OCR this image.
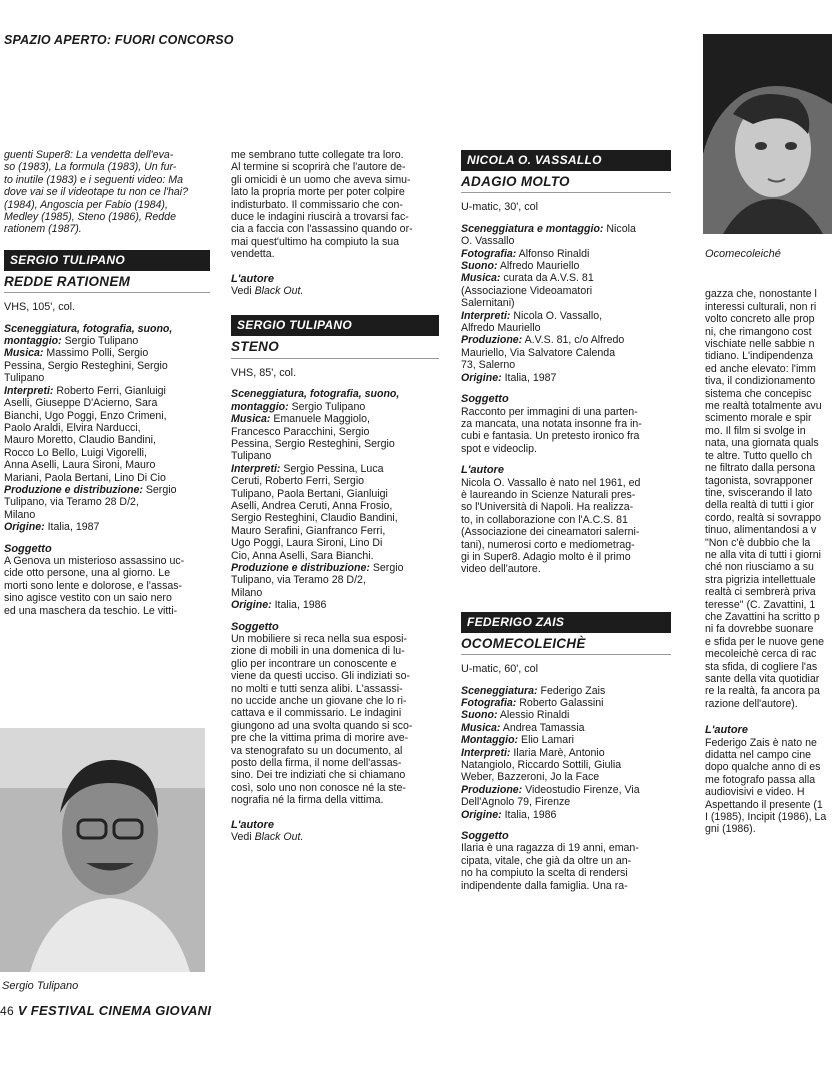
SPAZIO APERTO: FUORI CONCORSO

guenti Super8: La vendetta dell'eva-
so (1983), La formula (1983), Un fur-
to inutile (1983) e i seguenti video: Ma
dove vai se il videotape tu non ce l'hai?
(1984), Angoscia per Fabio (1984),
Medley (1985), Steno (1986), Redde
rationem (1987).

SERGIO TULIPANO
REDDE RATIONEM
VHS, 105', col.

Sceneggiatura, fotografia, suono,
montaggio: Sergio Tulipano
Musica: Massimo Polli, Sergio
Pessina, Sergio Resteghini, Sergio
Tulipano
Interpreti: Roberto Ferri, Gianluigi
Aselli, Giuseppe D'Acierno, Sara
Bianchi, Ugo Poggi, Enzo Crimeni,
Paolo Araldi, Elvira Narducci,
Mauro Moretto, Claudio Bandini,
Rocco Lo Bello, Luigi Vigorelli,
Anna Aselli, Laura Sironi, Mauro
Mariani, Paola Bertani, Lino Di Cio
Produzione e distribuzione: Sergio
Tulipano, via Teramo 28 D/2,
Milano
Origine: Italia, 1987

Soggetto

A Genova un misterioso assassino uc-
cide otto persone, una al giorno. Le
morti sono lente e dolorose, e l'assas-
sino agisce vestito con un saio nero
ed una maschera da teschio. Le vitti-

Sergio Tulipano

me sembrano tutte collegate tra loro.
Al termine si scoprirà che l'autore de-
gli omicidi è un uomo che aveva simu-
lato la propria morte per poter colpire
indisturbato. Il commissario che con-
duce le indagini riuscirà a trovarsi fac-
cia a faccia con l'assassino quando or-
mai quest'ultimo ha compiuto la sua
vendetta.

L'autore

Vedi Black Out.

SERGIO TULIPANO
STENO
VHS, 85', col.

Sceneggiatura, fotografia, suono,
montaggio: Sergio Tulipano
Musica: Emanuele Maggiolo,
Francesco Paracchini, Sergio
Pessina, Sergio Resteghini, Sergio
Tulipano
Interpreti: Sergio Pessina, Luca
Ceruti, Roberto Ferri, Sergio
Tulipano, Paola Bertani, Gianluigi
Aselli, Andrea Ceruti, Anna Frosio,
Sergio Resteghini, Claudio Bandini,
Mauro Serafini, Gianfranco Ferri,
Ugo Poggi, Laura Sironi, Lino Di
Cio, Anna Aselli, Sara Bianchi.
Produzione e distribuzione: Sergio
Tulipano, via Teramo 28 D/2,
Milano
Origine: Italia, 1986

Soggetto

Un mobiliere si reca nella sua esposi-
zione di mobili in una domenica di lu-
glio per incontrare un conoscente e
viene da questi ucciso. Gli indiziati so-
no molti e tutti senza alibi. L'assassi-
no uccide anche un giovane che lo ri-
cattava e il commissario. Le indagini
giungono ad una svolta quando si sco-
pre che la vittima prima di morire ave-
va stenografato su un documento, al
posto della firma, il nome dell'assas-
sino. Dei tre indiziati che si chiamano
così, solo uno non conosce né la ste-
nografia né la firma della vittima.

L'autore

Vedi Black Out.

NICOLA O. VASSALLO
ADAGIO MOLTO
U-matic, 30', col

Sceneggiatura e montaggio: Nicola
O. Vassallo
Fotografia: Alfonso Rinaldi
Suono: Alfredo Mauriello
Musica: curata da A.V.S. 81
(Associazione Videoamatori
Salernitani)
Interpreti: Nicola O. Vassallo,
Alfredo Mauriello
Produzione: A.V.S. 81, c/o Alfredo
Mauriello, Via Salvatore Calenda
73, Salerno
Origine: Italia, 1987

Soggetto

Racconto per immagini di una parten-
za mancata, una notata insonne fra in-
cubi e fantasia. Un pretesto ironico fra
spot e videoclip.

L'autore

Nicola O. Vassallo è nato nel 1961, ed
è laureando in Scienze Naturali pres-
so l'Università di Napoli. Ha realizza-
to, in collaborazione con l'A.C.S. 81
(Associazione dei cineamatori salerni-
tani), numerosi corto e mediometrag-
gi in Super8. Adagio molto è il primo
video dell'autore.

FEDERIGO ZAIS
OCOMECOLEICHÈ
U-matic, 60', col

Sceneggiatura: Federigo Zais
Fotografia: Roberto Galassini
Suono: Alessio Rinaldi
Musica: Andrea Tamassia
Montaggio: Elio Lamari
Interpreti: Ilaria Marè, Antonio
Natangiolo, Riccardo Sottili, Giulia
Weber, Bazzeroni, Jo la Face
Produzione: Videostudio Firenze, Via
Dell'Agnolo 79, Firenze
Origine: Italia, 1986

Soggetto

Ilaria è una ragazza di 19 anni, eman-
cipata, vitale, che già da oltre un an-
no ha compiuto la scelta di rendersi
indipendente dalla famiglia. Una ra-

Ocomecoleiché

gazza che, nonostante l
interessi culturali, non ri
volto concreto alle prop
ni, che rimangono cost
vischiate nelle sabbie n
tidiano. L'indipendenza
ed anche elevato: l'imm
tiva, il condizionamento
sistema che concepisc
me realtà totalmente avu
scimento morale e spir
mo. Il film si svolge in
nata, una giornata quals
te altre. Tutto quello ch
ne filtrato dalla persona
tagonista, sovrapponer
tine, sviscerando il lato
della realtà di tutti i gior
cordo, realtà si sovrappo
tinuo, alimentandosi a v
"Non c'è dubbio che la
ne alla vita di tutti i giorni
ché non riusciamo a su
stra pigrizia intellettuale
realtà ci sembrerà priva
teresse" (C. Zavattini, 1
che Zavattini ha scritto p
ni fa dovrebbe suonare
e sfida per le nuove gene
mecoleichè cerca di rac
sta sfida, di cogliere l'as
sante della vita quotidiar
re la realtà, fa ancora pa
razione dell'autore).

L'autore

Federigo Zais è nato ne
didatta nel campo cine
dopo qualche anno di es
me fotografo passa alla
audiovisivi e video. H
Aspettando il presente (1
I (1985), Incipit (1986), La
gni (1986).

46 V FESTIVAL CINEMA GIOVANI
